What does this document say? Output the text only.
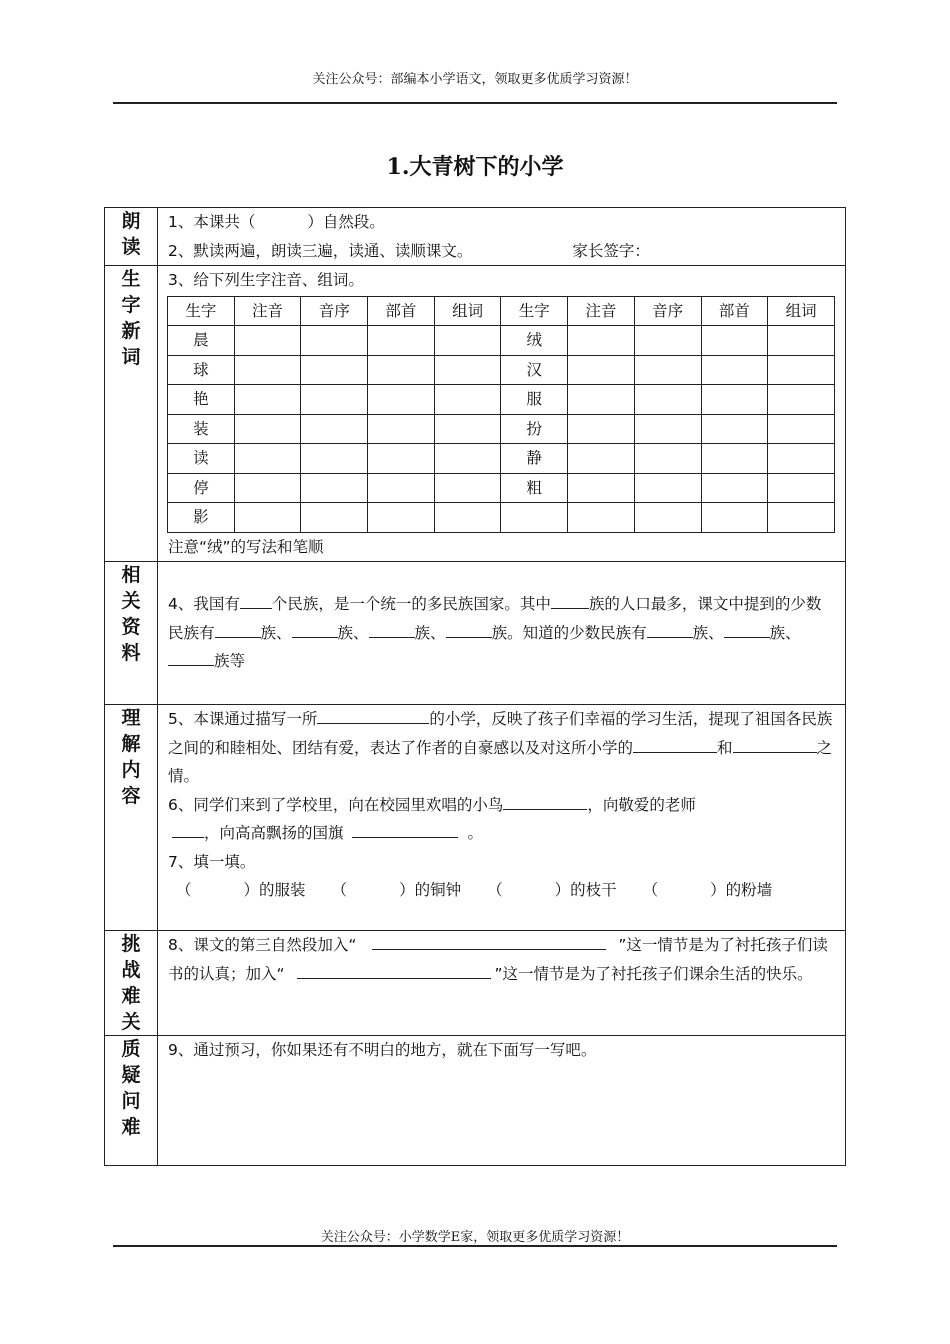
关注公众号：部编本小学语文，领取更多优质学习资源！
1.大青树下的小学
朗读

1、本课共（	）自然段。
2、默读两遍，朗读三遍，读通、读顺课文。	家长签字：

生字新词

3、给下列生字注音、组词。
生字	注音	音序	部首	组词	生字	注音	音序	部首	组词
晨					绒				
球					汉				
艳					服				
装					扮				
读					静				
停					粗				
影									
注意“绒”的写法和笔顺

相关资料

4、我国有 个民族，是一个统一的多民族国家。其中 族的人口最多，课文中提到的少数民族有	族、	族、	族、	族。知道的少数民族有	族、	族、族等

理解内容

5、本课通过描写一所	的小学，反映了孩子们幸福的学习生活，提现了祖国各民族之间的和睦相处、团结有爱，表达了作者的自豪感以及对这所小学的	和	之情。
6、同学们来到了学校里，向在校园里欢唱的小鸟	，向敬爱的老师
，向高高飘扬的国旗	。
7、填一填。
（	）的服装 （	）的铜钟 （	）的枝干 （	）的粉墙

挑战难关

8、课文的第三自然段加入“	”这一情节是为了衬托孩子们读书的认真；加入“	”这一情节是为了衬托孩子们课余生活的快乐。

质疑问难

9、通过预习，你如果还有不明白的地方，就在下面写一写吧。
关注公众号：小学数学E家，领取更多优质学习资源！
